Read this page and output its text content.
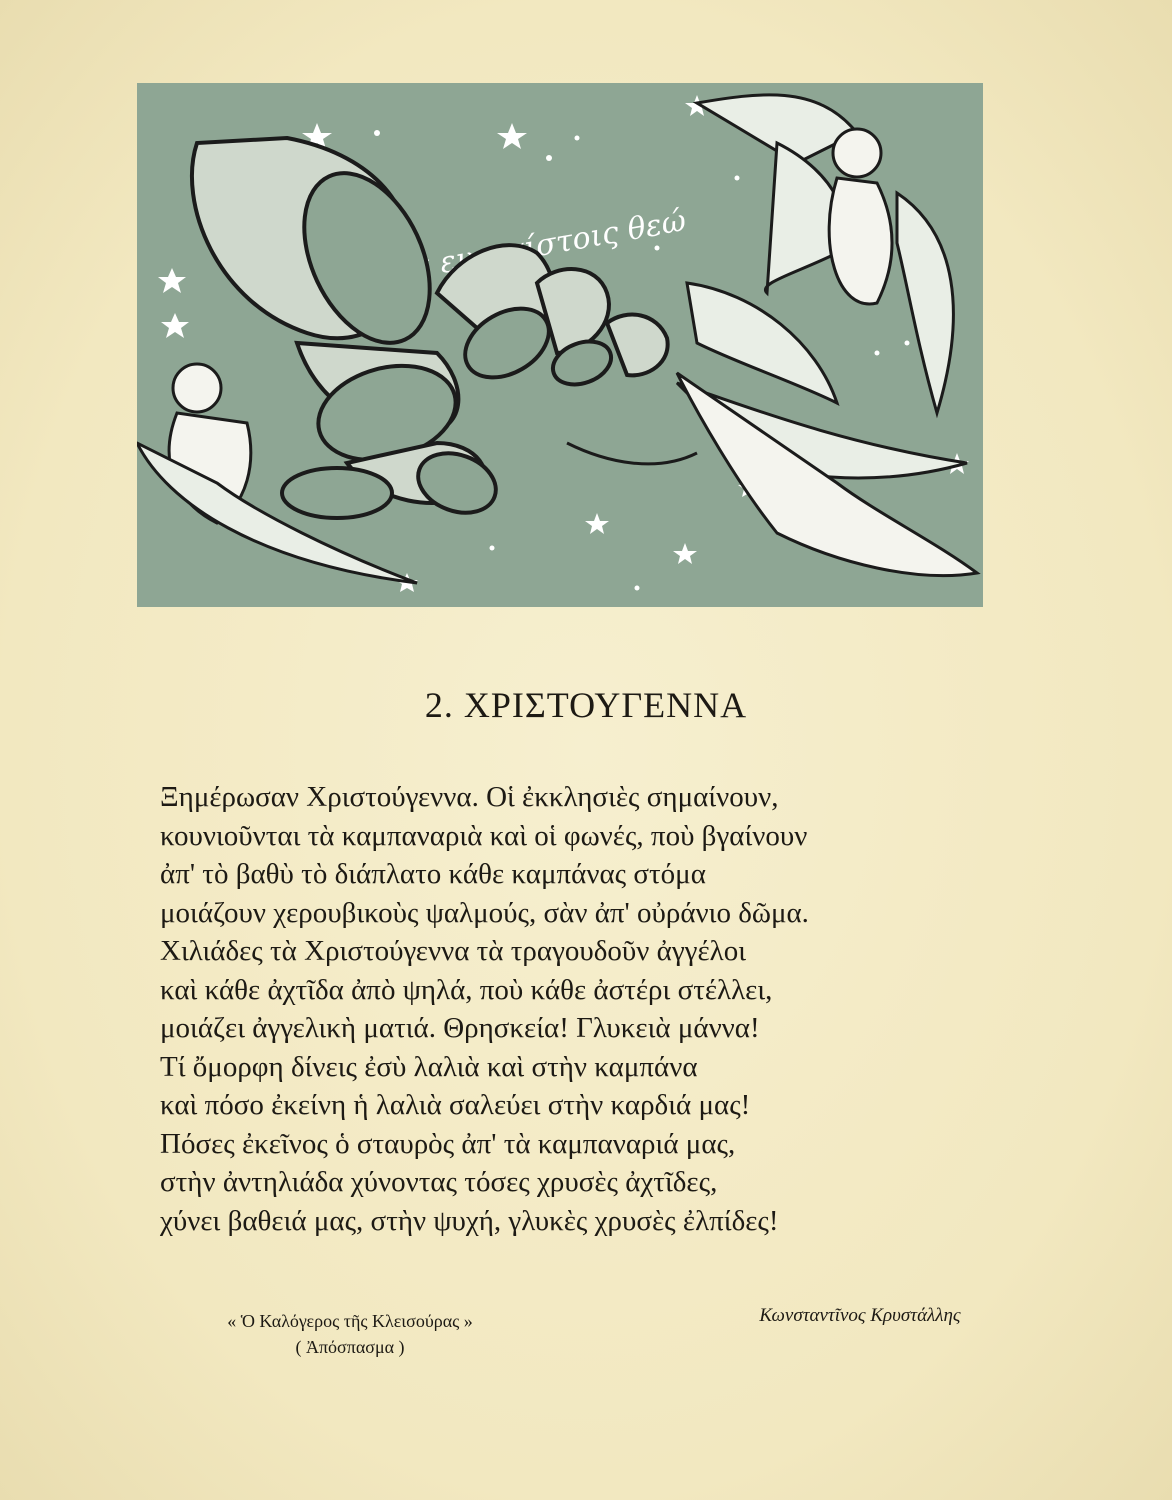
εν υψίστοις θεώ
2. ΧΡΙΣΤΟΥΓΕΝΝΑ
Ξημέρωσαν Χριστούγεννα. Οἱ ἐκκλησιὲς σημαίνουν,
κουνιοῦνται τὰ καμπαναριὰ καὶ οἱ φωνές, ποὺ βγαίνουν
ἀπ' τὸ βαθὺ τὸ διάπλατο κάθε καμπάνας στόμα
μοιάζουν χερουβικοὺς ψαλμούς, σὰν ἀπ' οὐράνιο δῶμα.
Χιλιάδες τὰ Χριστούγεννα τὰ τραγουδοῦν ἀγγέλοι
καὶ κάθε ἀχτῖδα ἀπὸ ψηλά, ποὺ κάθε ἀστέρι στέλλει,
μοιάζει ἀγγελικὴ ματιά. Θρησκεία! Γλυκειὰ μάννα!
Τί ὄμορφη δίνεις ἐσὺ λαλιὰ καὶ στὴν καμπάνα
καὶ πόσο ἐκείνη ἡ λαλιὰ σαλεύει στὴν καρδιά μας!
Πόσες ἐκεῖνος ὁ σταυρὸς ἀπ' τὰ καμπαναριά μας,
στὴν ἀντηλιάδα χύνοντας τόσες χρυσὲς ἀχτῖδες,
χύνει βαθειά μας, στὴν ψυχή, γλυκὲς χρυσὲς ἐλπίδες!
« Ὁ Καλόγερος τῆς Κλεισούρας »
( Ἀπόσπασμα )
Κωνσταντῖνος Κρυστάλλης
